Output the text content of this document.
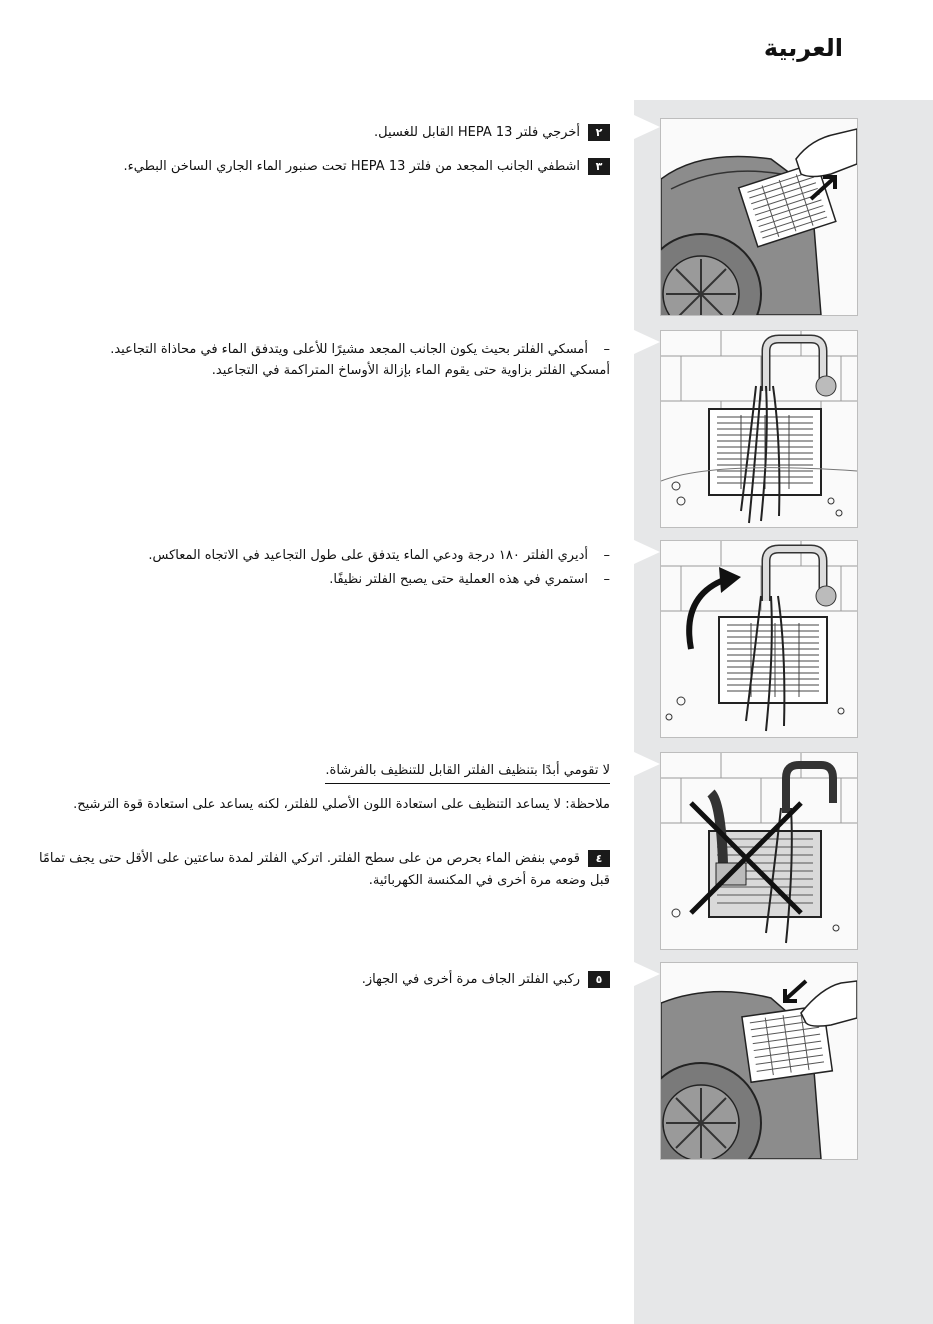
العربية
٢أخرجي فلتر HEPA 13 القابل للغسيل.
٣اشطفي الجانب المجعد من فلتر HEPA 13 تحت صنبور الماء الجاري الساخن البطيء.
–أمسكي الفلتر بحيث يكون الجانب المجعد مشيرًا للأعلى ويتدفق الماء في محاذاة التجاعيد.
أمسكي الفلتر بزاوية حتى يقوم الماء بإزالة الأوساخ المتراكمة في التجاعيد.
–أديري الفلتر ١٨٠ درجة ودعي الماء يتدفق على طول التجاعيد في الاتجاه المعاكس.
–استمري في هذه العملية حتى يصبح الفلتر نظيفًا.
لا تقومي أبدًا بتنظيف الفلتر القابل للتنظيف بالفرشاة.
ملاحظة: لا يساعد التنظيف على استعادة اللون الأصلي للفلتر، لكنه يساعد على استعادة قوة الترشيح.
٤قومي بنفض الماء بحرص من على سطح الفلتر. اتركي الفلتر لمدة ساعتين على الأقل حتى يجف تمامًا قبل وضعه مرة أخرى في المكنسة الكهربائية.
٥ركبي الفلتر الجاف مرة أخرى في الجهاز.
